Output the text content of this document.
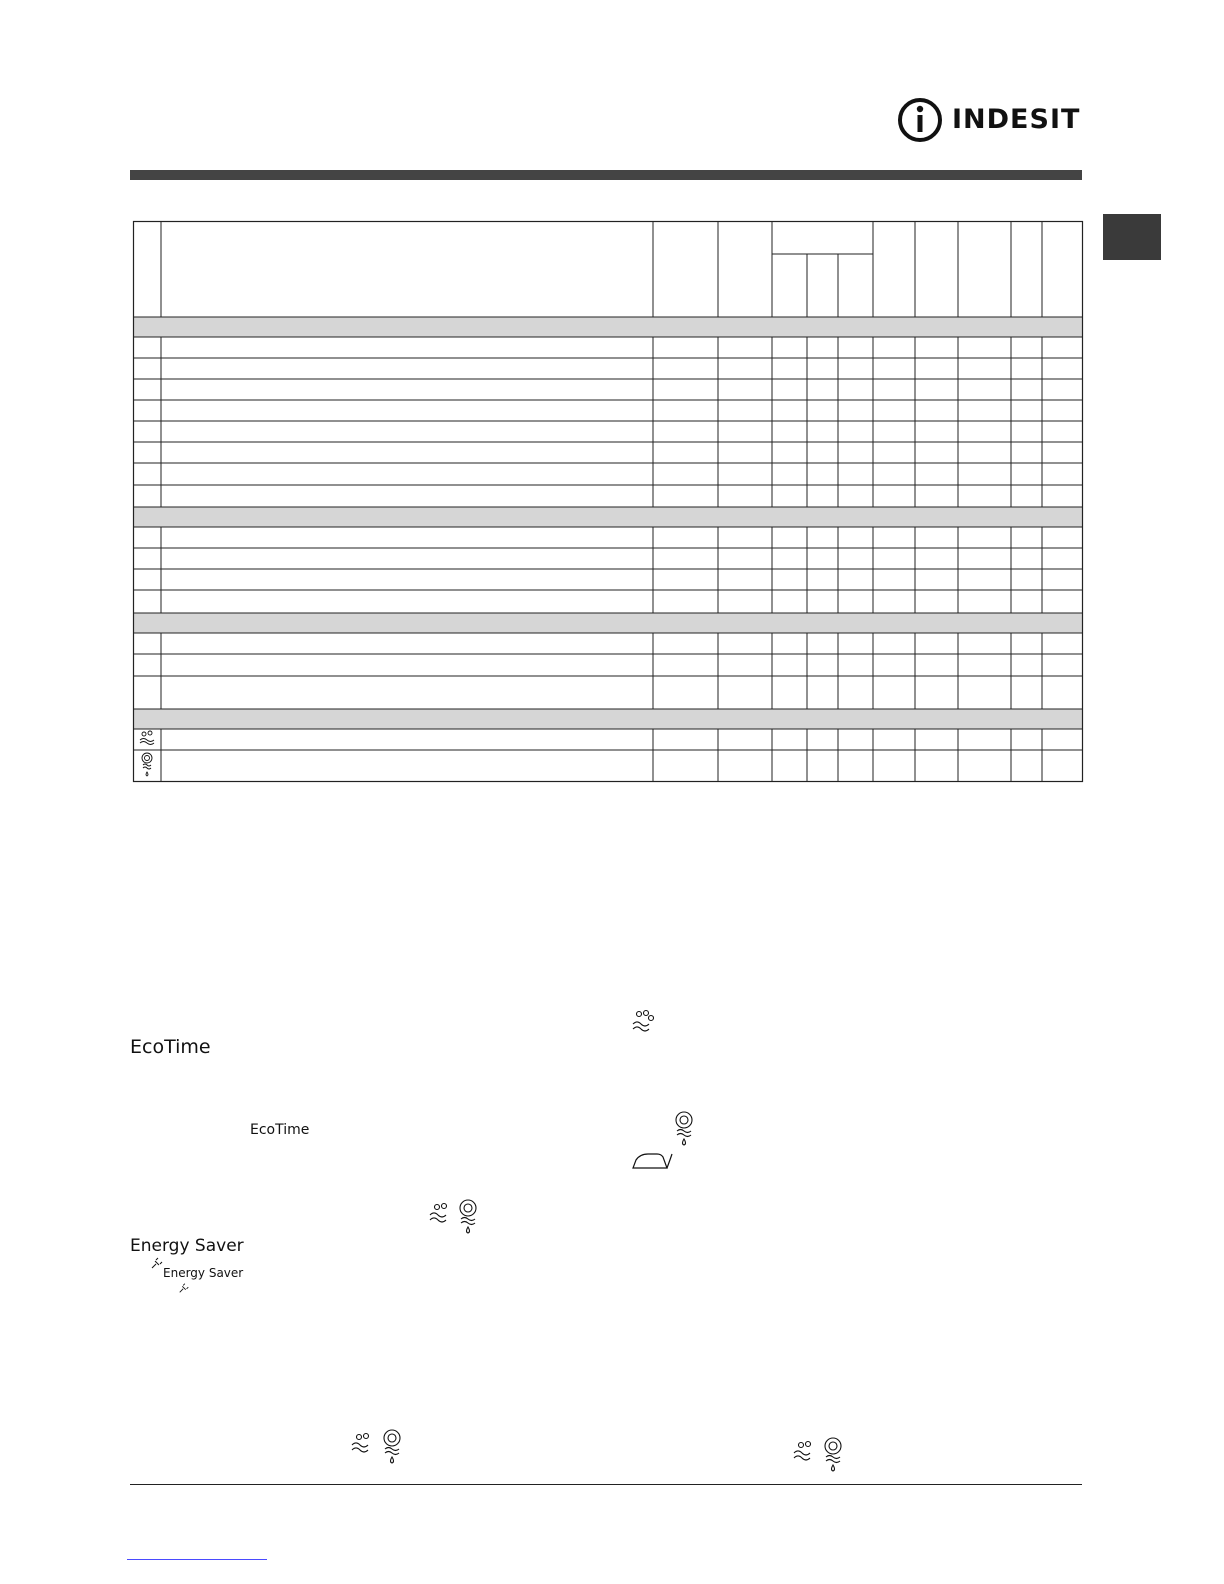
INDESIT
EcoTime
EcoTime
Energy Saver
Energy Saver
